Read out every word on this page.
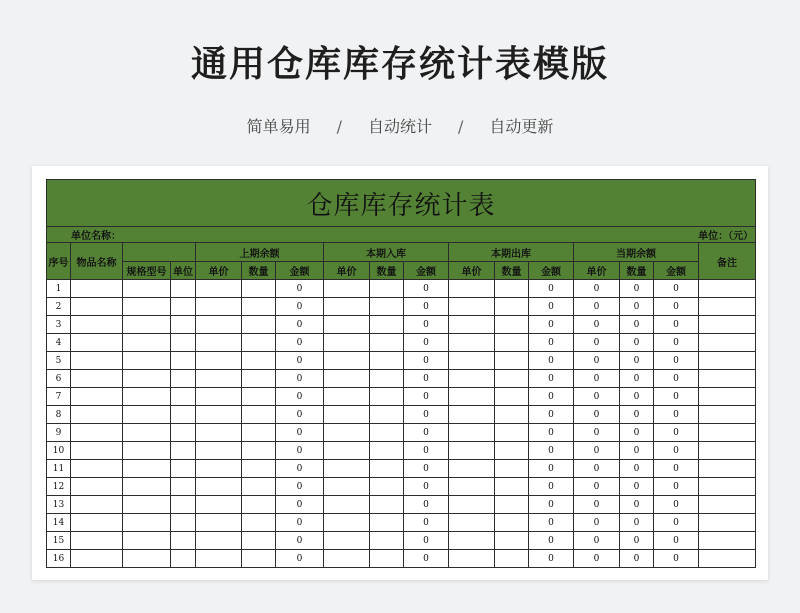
通用仓库库存统计表模版
简单易用 / 自动统计 / 自动更新
仓库库存统计表																
单位名称：								单位：（元）								
序号	物品名称			上期余额			本期入库			本期出库			当期余额			备注
		规格型号	单位	单价	数量	金额	单价	数量	金额	单价	数量	金额	单价	数量	金额	
1						0			0			0	0	0	0	
2						0			0			0	0	0	0	
3						0			0			0	0	0	0	
4						0			0			0	0	0	0	
5						0			0			0	0	0	0	
6						0			0			0	0	0	0	
7						0			0			0	0	0	0	
8						0			0			0	0	0	0	
9						0			0			0	0	0	0	
10						0			0			0	0	0	0	
11						0			0			0	0	0	0	
12						0			0			0	0	0	0	
13						0			0			0	0	0	0	
14						0			0			0	0	0	0	
15						0			0			0	0	0	0	
16						0			0			0	0	0	0	
